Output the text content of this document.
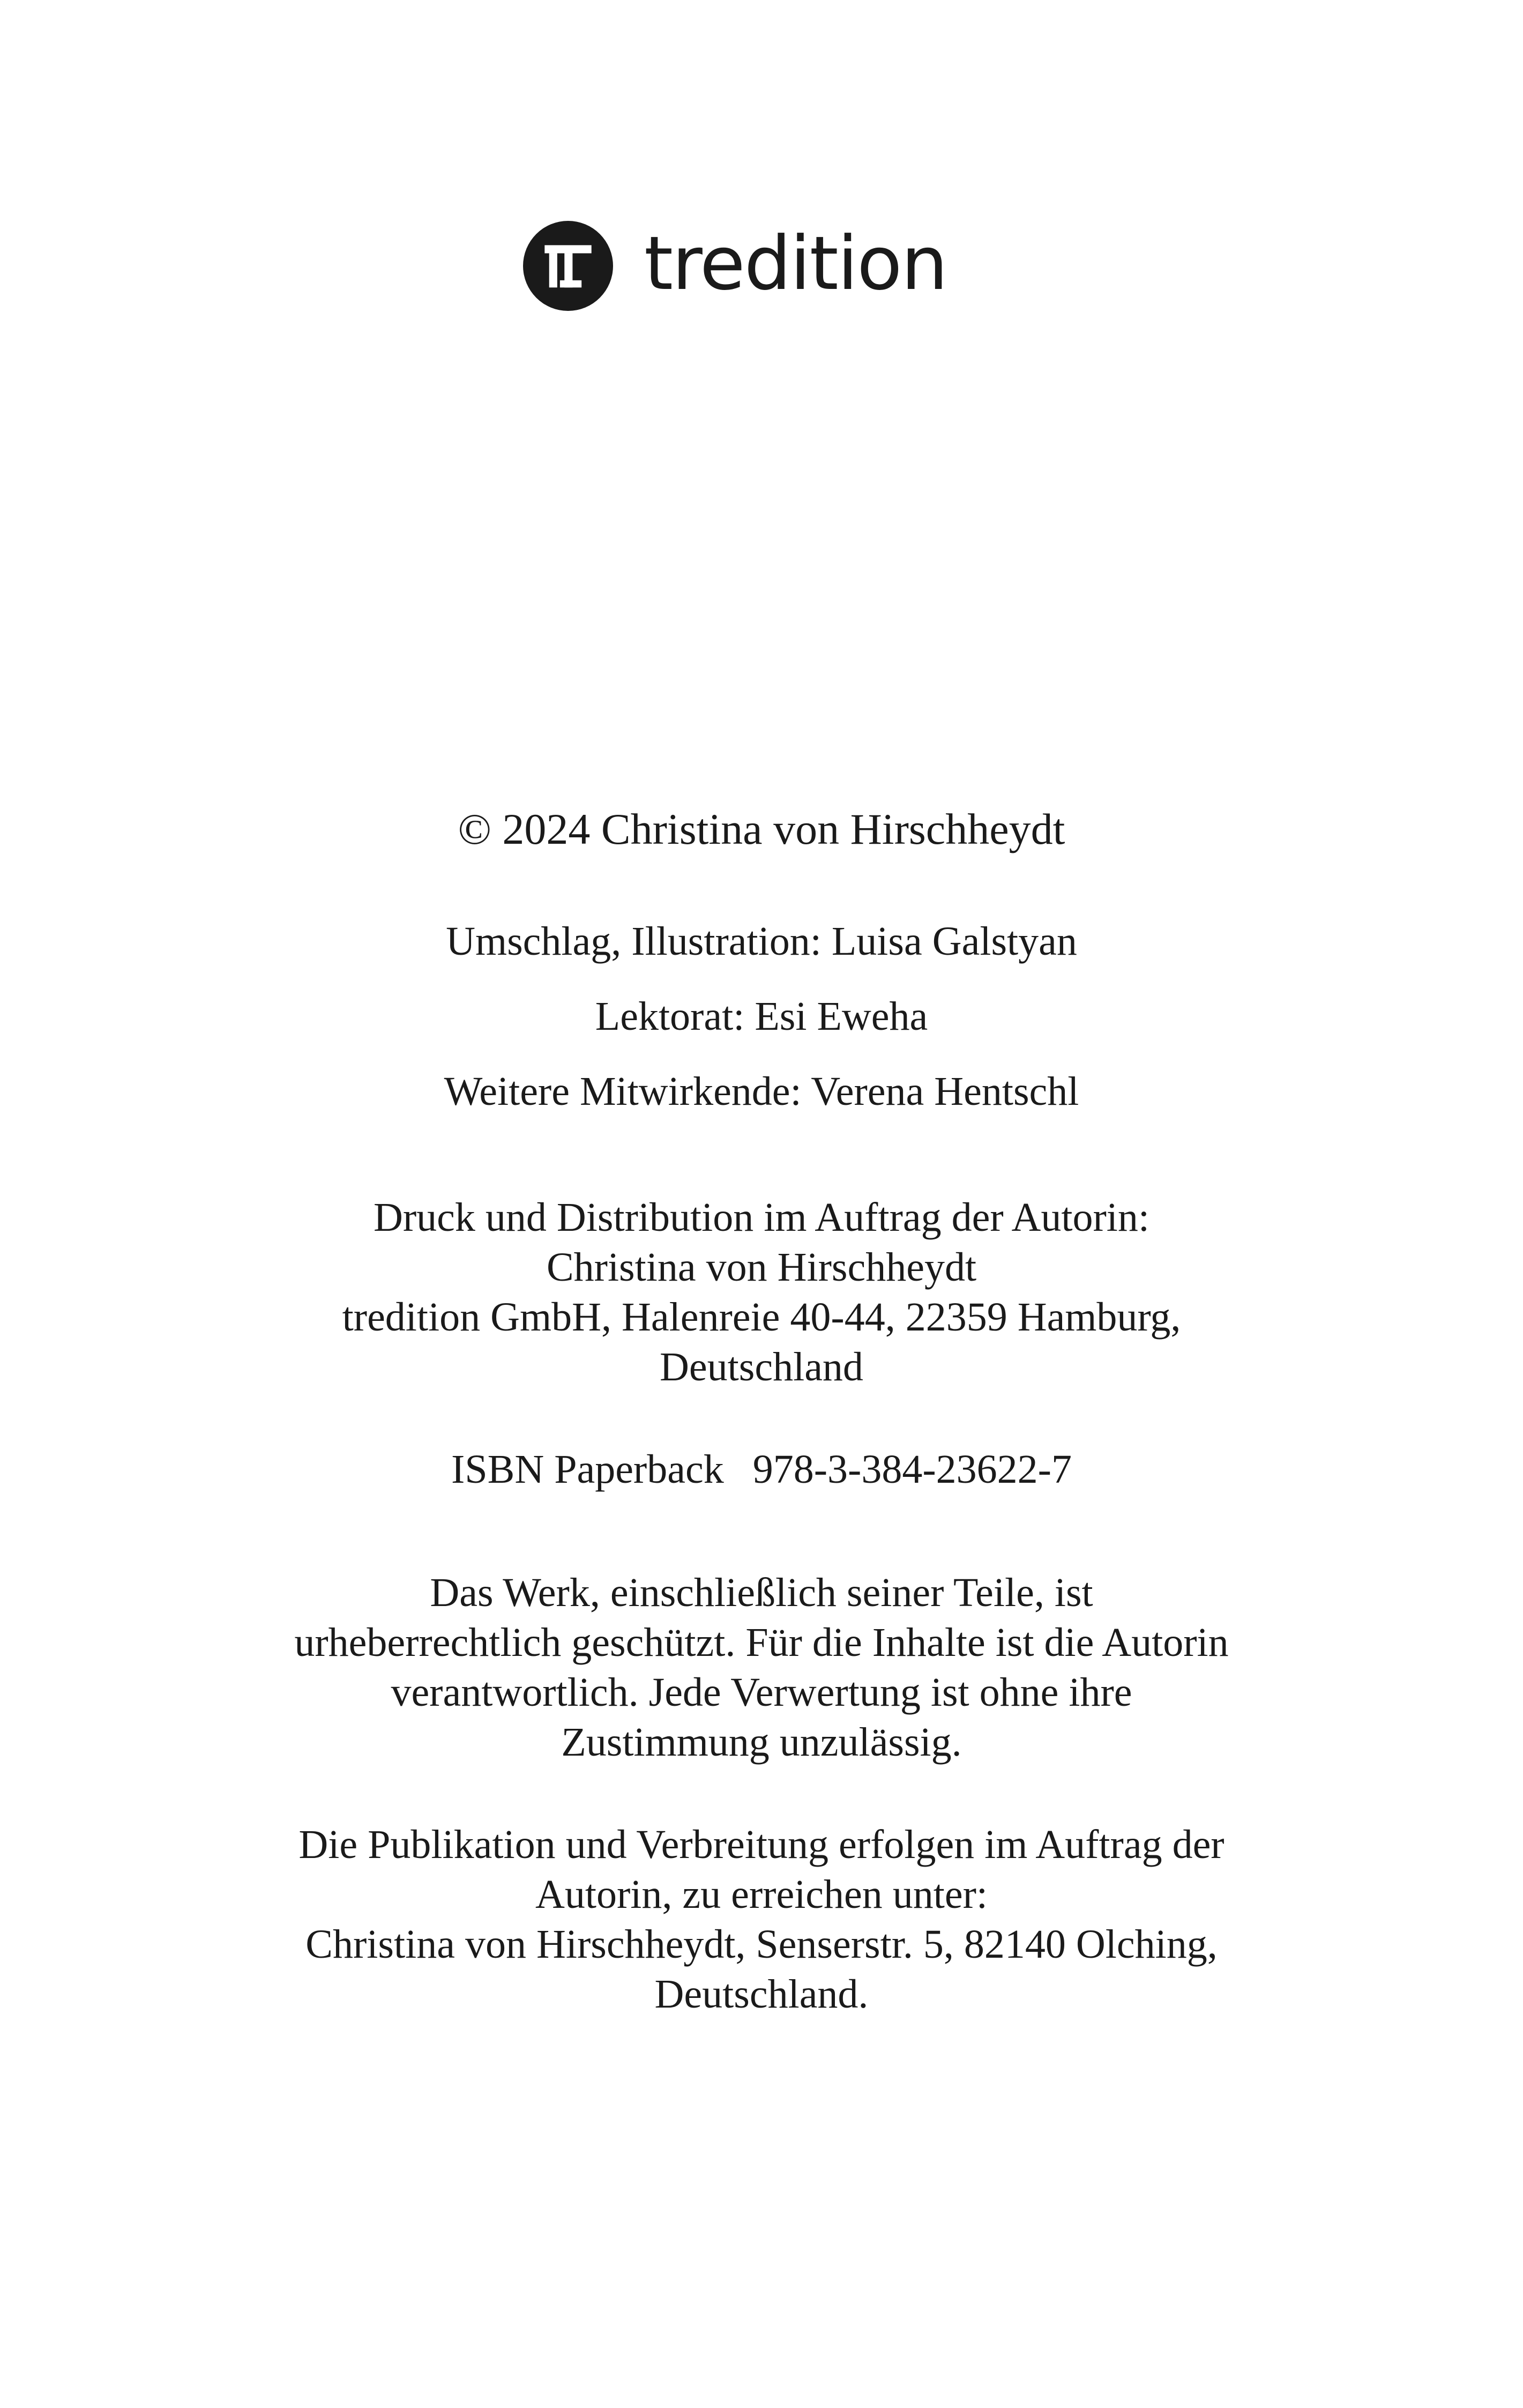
tredition

© 2024 Christina von Hirschheydt

Umschlag, Illustration: Luisa Galstyan

Lektorat: Esi Eweha

Weitere Mitwirkende: Verena Hentschl

Druck und Distribution im Auftrag der Autorin:

Christina von Hirschheydt

tredition GmbH, Halenreie 40-44, 22359 Hamburg,

Deutschland

ISBN Paperback 978-3-384-23622-7

Das Werk, einschließlich seiner Teile, ist

urheberrechtlich geschützt. Für die Inhalte ist die Autorin

verantwortlich. Jede Verwertung ist ohne ihre

Zustimmung unzulässig.

Die Publikation und Verbreitung erfolgen im Auftrag der

Autorin, zu erreichen unter:

Christina von Hirschheydt, Senserstr. 5, 82140 Olching,

Deutschland.
